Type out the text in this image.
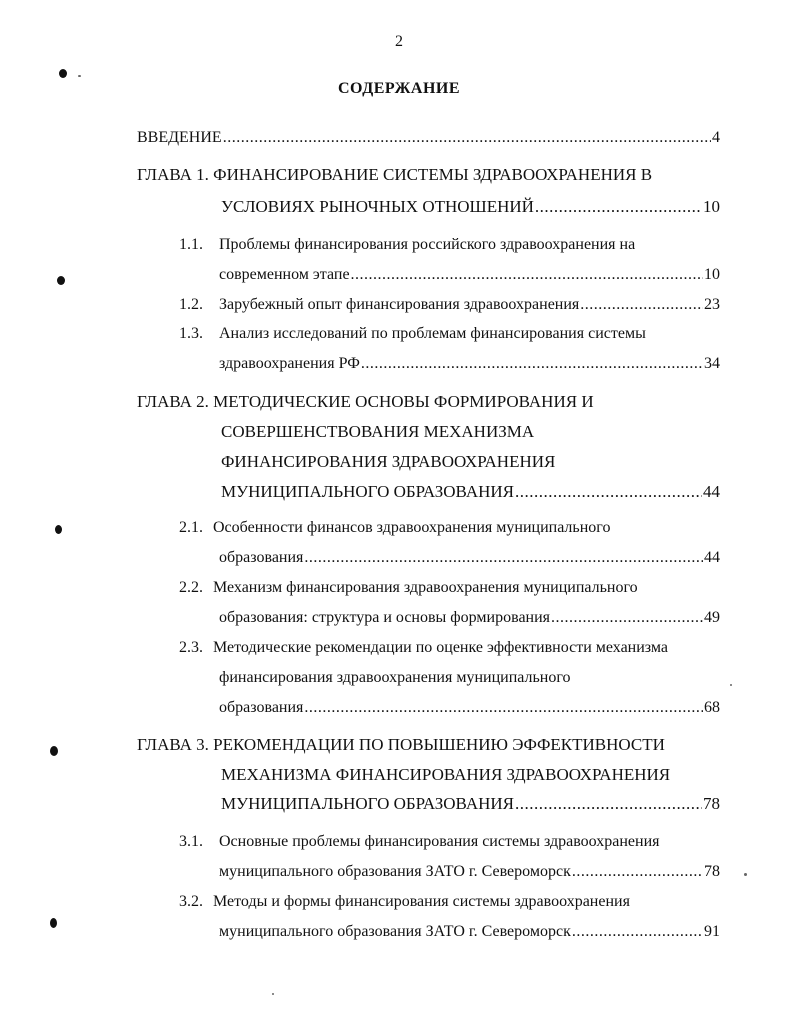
2
СОДЕРЖАНИЕ
ВВЕДЕНИЕ .....	4
ГЛАВА 1. ФИНАНСИРОВАНИЕ СИСТЕМЫ ЗДРАВООХРАНЕНИЯ В
УСЛОВИЯХ РЫНОЧНЫХ ОТНОШЕНИЙ .....	10
1.1. Проблемы финансирования российского здравоохранения на
современном этапе .....	10
1.2.	Зарубежный опыт финансирования здравоохранения .....	23
1.3. Анализ исследований по проблемам финансирования системы
здравоохранения РФ .....	34
ГЛАВА 2. МЕТОДИЧЕСКИЕ ОСНОВЫ ФОРМИРОВАНИЯ И
СОВЕРШЕНСТВОВАНИЯ МЕХАНИЗМА
ФИНАНСИРОВАНИЯ ЗДРАВООХРАНЕНИЯ
МУНИЦИПАЛЬНОГО ОБРАЗОВАНИЯ .....	44
2.1. Особенности финансов здравоохранения муниципального
образования .....	44
2.2. Механизм финансирования здравоохранения муниципального
образования: структура и основы формирования .....	49
2.3. Методические рекомендации по оценке эффективности механизма
финансирования здравоохранения муниципального
образования .....	68
ГЛАВА 3. РЕКОМЕНДАЦИИ ПО ПОВЫШЕНИЮ ЭФФЕКТИВНОСТИ
МЕХАНИЗМА ФИНАНСИРОВАНИЯ ЗДРАВООХРАНЕНИЯ
МУНИЦИПАЛЬНОГО ОБРАЗОВАНИЯ .....	78
3.1. Основные проблемы финансирования системы здравоохранения
муниципального образования ЗАТО г. Североморск .....	78
3.2. Методы и формы финансирования системы здравоохранения
муниципального образования ЗАТО г. Североморск .....	91
